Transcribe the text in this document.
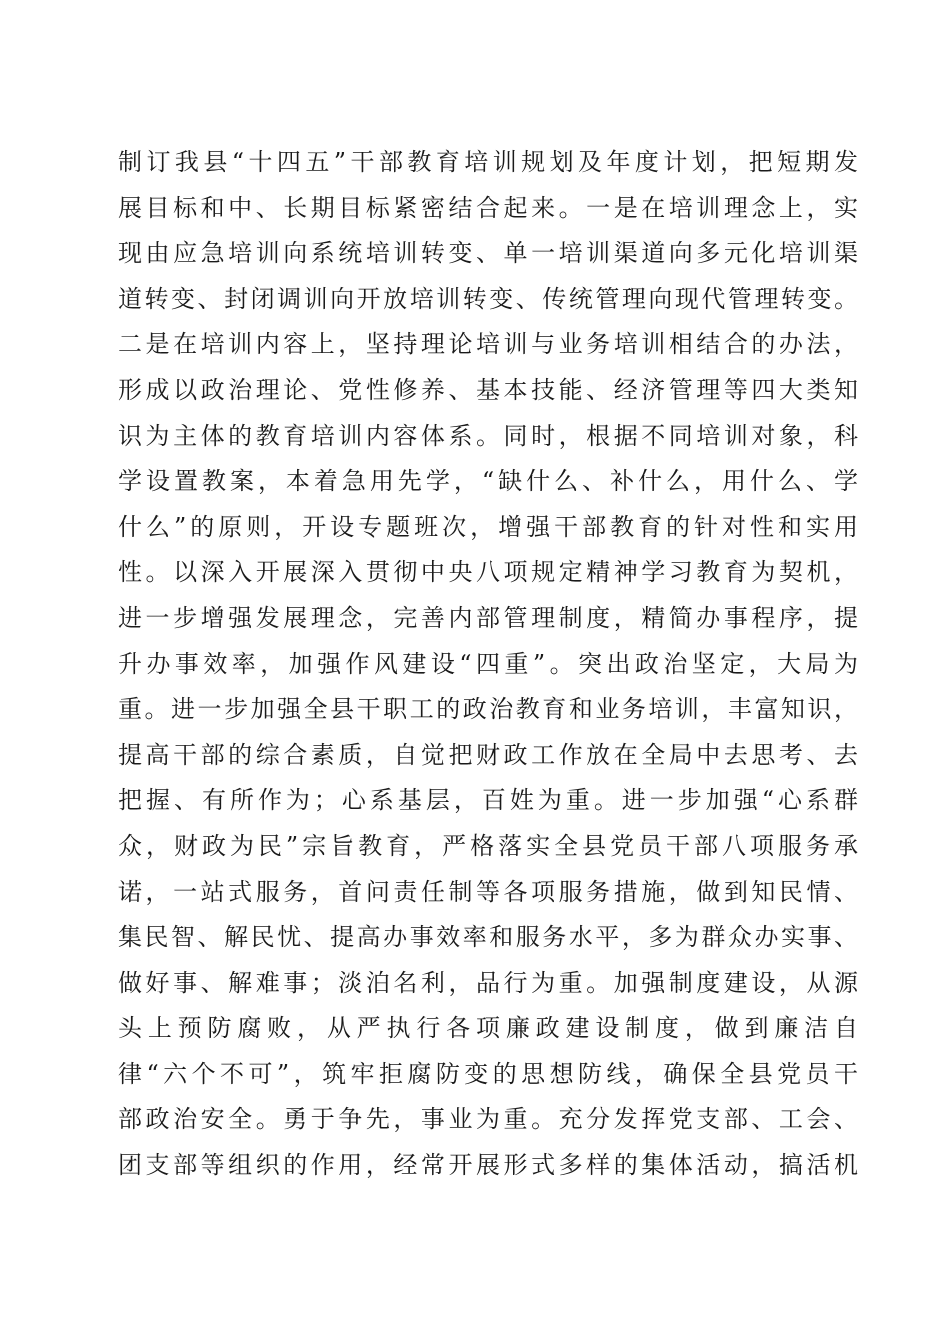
制订我县“十四五”干部教育培训规划及年度计划，把短期发
展目标和中、长期目标紧密结合起来。一是在培训理念上，实
现由应急培训向系统培训转变、单一培训渠道向多元化培训渠
道转变、封闭调训向开放培训转变、传统管理向现代管理转变。
二是在培训内容上，坚持理论培训与业务培训相结合的办法，
形成以政治理论、党性修养、基本技能、经济管理等四大类知
识为主体的教育培训内容体系。同时，根据不同培训对象，科
学设置教案，本着急用先学，“缺什么、补什么，用什么、学
什么”的原则，开设专题班次，增强干部教育的针对性和实用
性。以深入开展深入贯彻中央八项规定精神学习教育为契机，
进一步增强发展理念，完善内部管理制度，精简办事程序，提
升办事效率，加强作风建设“四重”。突出政治坚定，大局为
重。进一步加强全县干职工的政治教育和业务培训，丰富知识，
提高干部的综合素质，自觉把财政工作放在全局中去思考、去
把握、有所作为；心系基层，百姓为重。进一步加强“心系群
众，财政为民”宗旨教育，严格落实全县党员干部八项服务承
诺，一站式服务，首问责任制等各项服务措施，做到知民情、
集民智、解民忧、提高办事效率和服务水平，多为群众办实事、
做好事、解难事；淡泊名利，品行为重。加强制度建设，从源
头上预防腐败，从严执行各项廉政建设制度，做到廉洁自
律“六个不可”，筑牢拒腐防变的思想防线，确保全县党员干
部政治安全。勇于争先，事业为重。充分发挥党支部、工会、
团支部等组织的作用，经常开展形式多样的集体活动，搞活机
